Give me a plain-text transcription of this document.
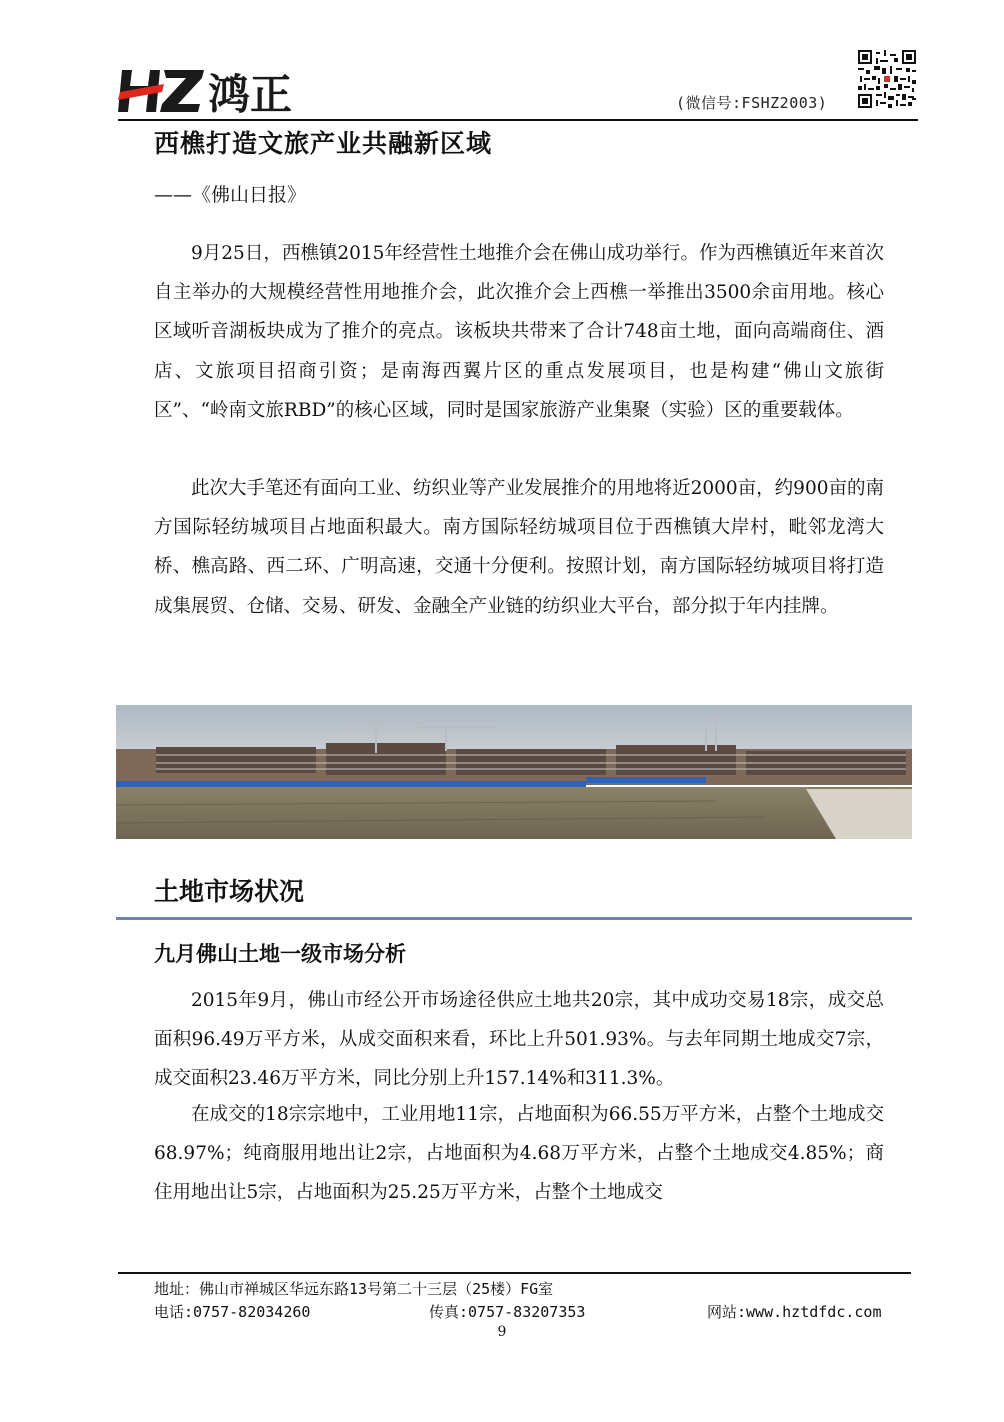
鸿正	(微信号:FSHZ2003)
西樵打造文旅产业共融新区域
——《佛山日报》

9月25日，西樵镇2015年经营性土地推介会在佛山成功举行。作为西樵镇近年来首次自主举办的大规模经营性用地推介会，此次推介会上西樵一举推出3500余亩用地。核心区域听音湖板块成为了推介的亮点。该板块共带来了合计748亩土地，面向高端商住、酒店、文旅项目招商引资；是南海西翼片区的重点发展项目，也是构建“佛山文旅街区”、“岭南文旅RBD”的核心区域，同时是国家旅游产业集聚（实验）区的重要载体。

此次大手笔还有面向工业、纺织业等产业发展推介的用地将近2000亩，约900亩的南方国际轻纺城项目占地面积最大。南方国际轻纺城项目位于西樵镇大岸村，毗邻龙湾大桥、樵高路、西二环、广明高速，交通十分便利。按照计划，南方国际轻纺城项目将打造成集展贸、仓储、交易、研发、金融全产业链的纺织业大平台，部分拟于年内挂牌。

土地市场状况
九月佛山土地一级市场分析

2015年9月，佛山市经公开市场途径供应土地共20宗，其中成功交易18宗，成交总面积96.49万平方米，从成交面积来看，环比上升501.93%。与去年同期土地成交7宗，成交面积23.46万平方米，同比分别上升157.14%和311.3%。

在成交的18宗宗地中，工业用地11宗，占地面积为66.55万平方米，占整个土地成交68.97%；纯商服用地出让2宗，占地面积为4.68万平方米，占整个土地成交4.85%；商住用地出让5宗，占地面积为25.25万平方米，占整个土地成交

地址：佛山市禅城区华远东路13号第二十三层（25楼）FG室
电话:0757-82034260	传真:0757-83207353	网站:www.hztdfdc.com
9
